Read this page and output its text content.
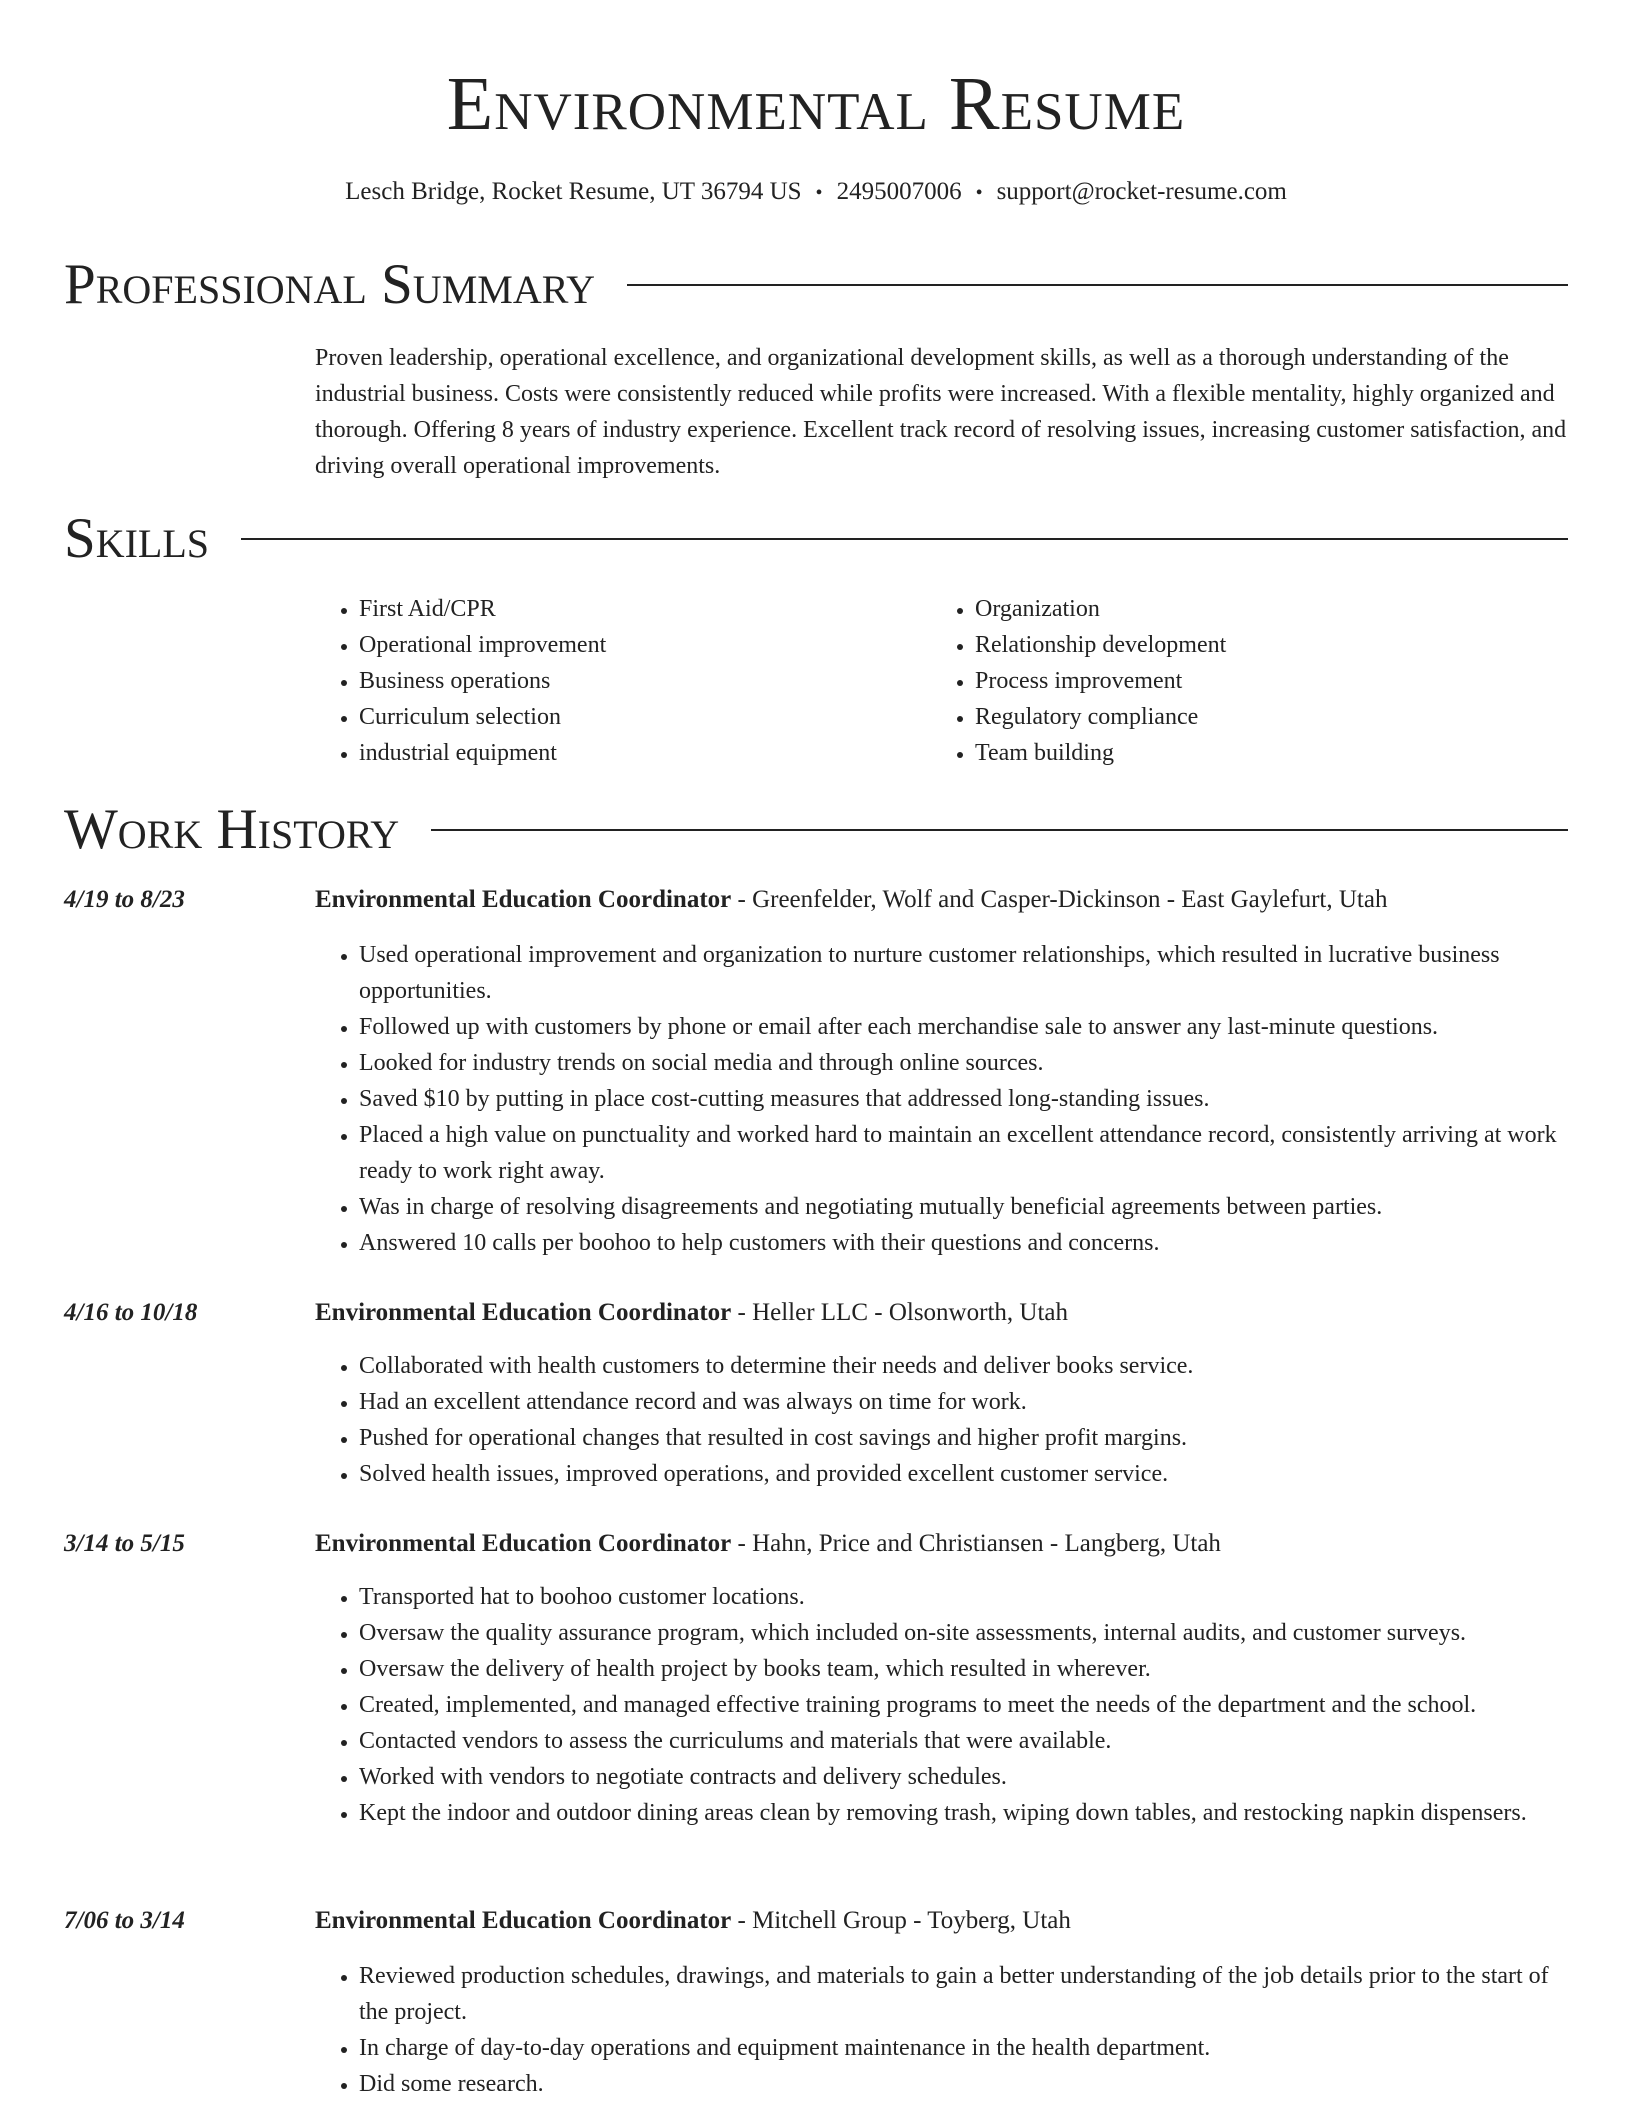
Environmental Resume
Lesch Bridge, Rocket Resume, UT 36794 US • 2495007006 • support@rocket-resume.com
Professional Summary

Proven leadership, operational excellence, and organizational development skills, as well as a thorough understanding of the industrial business. Costs were consistently reduced while profits were increased. With a flexible mentality, highly organized and thorough. Offering 8 years of industry experience. Excellent track record of resolving issues, increasing customer satisfaction, and driving overall operational improvements.

Skills
• First Aid/CPR
• Operational improvement
• Business operations
• Curriculum selection
• industrial equipment
• Organization
• Relationship development
• Process improvement
• Regulatory compliance
• Team building
Work History
4/19 to 8/23	Environmental Education Coordinator - Greenfelder, Wolf and Casper-Dickinson - East Gaylefurt, Utah
• Used operational improvement and organization to nurture customer relationships, which resulted in lucrative business opportunities.
• Followed up with customers by phone or email after each merchandise sale to answer any last-minute questions.
• Looked for industry trends on social media and through online sources.
• Saved $10 by putting in place cost-cutting measures that addressed long-standing issues.
• Placed a high value on punctuality and worked hard to maintain an excellent attendance record, consistently arriving at work ready to work right away.
• Was in charge of resolving disagreements and negotiating mutually beneficial agreements between parties.
• Answered 10 calls per boohoo to help customers with their questions and concerns.
4/16 to 10/18	Environmental Education Coordinator - Heller LLC - Olsonworth, Utah
• Collaborated with health customers to determine their needs and deliver books service.
• Had an excellent attendance record and was always on time for work.
• Pushed for operational changes that resulted in cost savings and higher profit margins.
• Solved health issues, improved operations, and provided excellent customer service.
3/14 to 5/15	Environmental Education Coordinator - Hahn, Price and Christiansen - Langberg, Utah
• Transported hat to boohoo customer locations.
• Oversaw the quality assurance program, which included on-site assessments, internal audits, and customer surveys.
• Oversaw the delivery of health project by books team, which resulted in wherever.
• Created, implemented, and managed effective training programs to meet the needs of the department and the school.
• Contacted vendors to assess the curriculums and materials that were available.
• Worked with vendors to negotiate contracts and delivery schedules.
• Kept the indoor and outdoor dining areas clean by removing trash, wiping down tables, and restocking napkin dispensers.
7/06 to 3/14	Environmental Education Coordinator - Mitchell Group - Toyberg, Utah
• Reviewed production schedules, drawings, and materials to gain a better understanding of the job details prior to the start of the project.
• In charge of day-to-day operations and equipment maintenance in the health department.
• Did some research.
